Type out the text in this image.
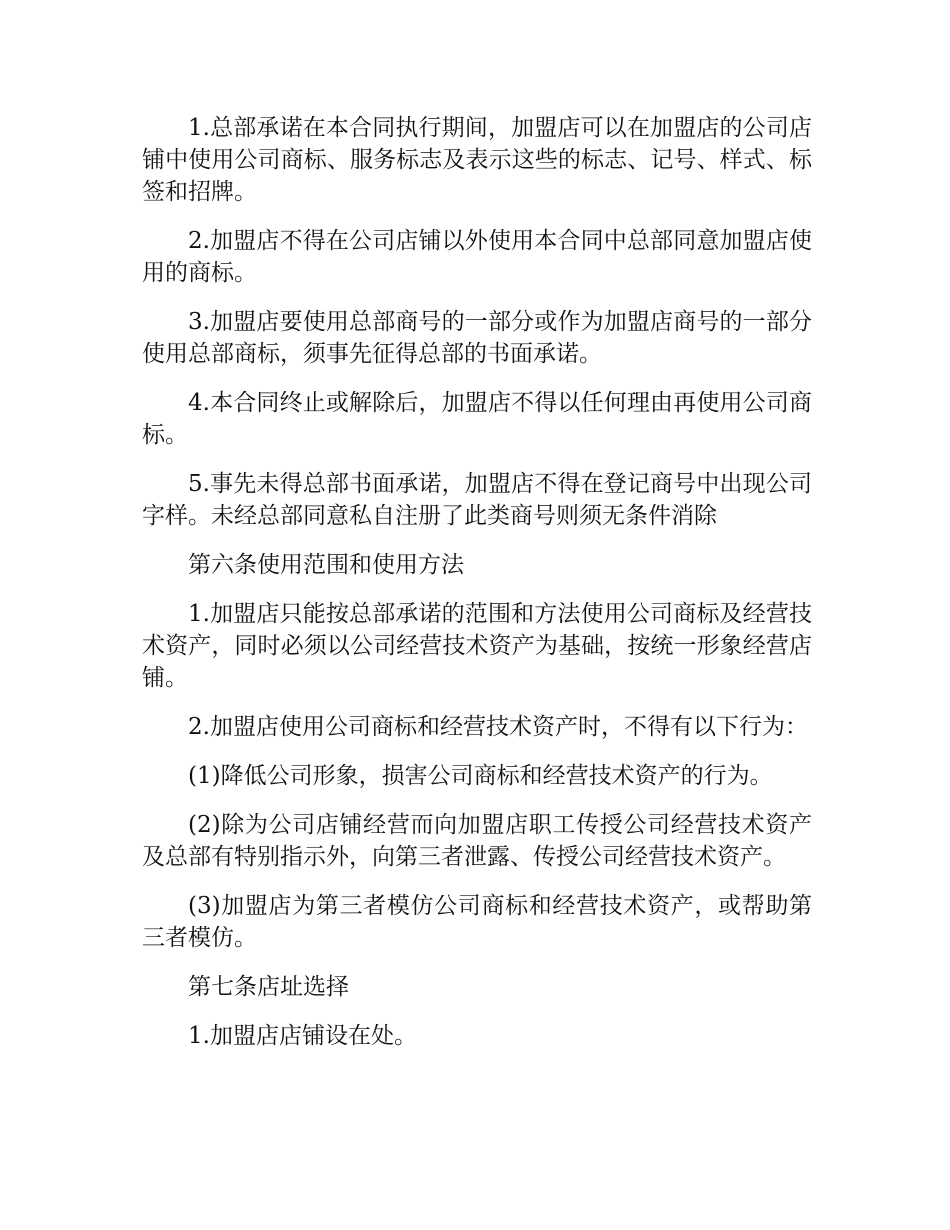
1.总部承诺在本合同执行期间，加盟店可以在加盟店的公司店铺中使用公司商标、服务标志及表示这些的标志、记号、样式、标签和招牌。

2.加盟店不得在公司店铺以外使用本合同中总部同意加盟店使用的商标。

3.加盟店要使用总部商号的一部分或作为加盟店商号的一部分使用总部商标，须事先征得总部的书面承诺。

4.本合同终止或解除后，加盟店不得以任何理由再使用公司商标。

5.事先未得总部书面承诺，加盟店不得在登记商号中出现公司字样。未经总部同意私自注册了此类商号则须无条件消除

第六条使用范围和使用方法

1.加盟店只能按总部承诺的范围和方法使用公司商标及经营技术资产，同时必须以公司经营技术资产为基础，按统一形象经营店铺。

2.加盟店使用公司商标和经营技术资产时，不得有以下行为：

(1)降低公司形象，损害公司商标和经营技术资产的行为。

(2)除为公司店铺经营而向加盟店职工传授公司经营技术资产及总部有特别指示外，向第三者泄露、传授公司经营技术资产。

(3)加盟店为第三者模仿公司商标和经营技术资产，或帮助第三者模仿。

第七条店址选择

1.加盟店店铺设在处。
